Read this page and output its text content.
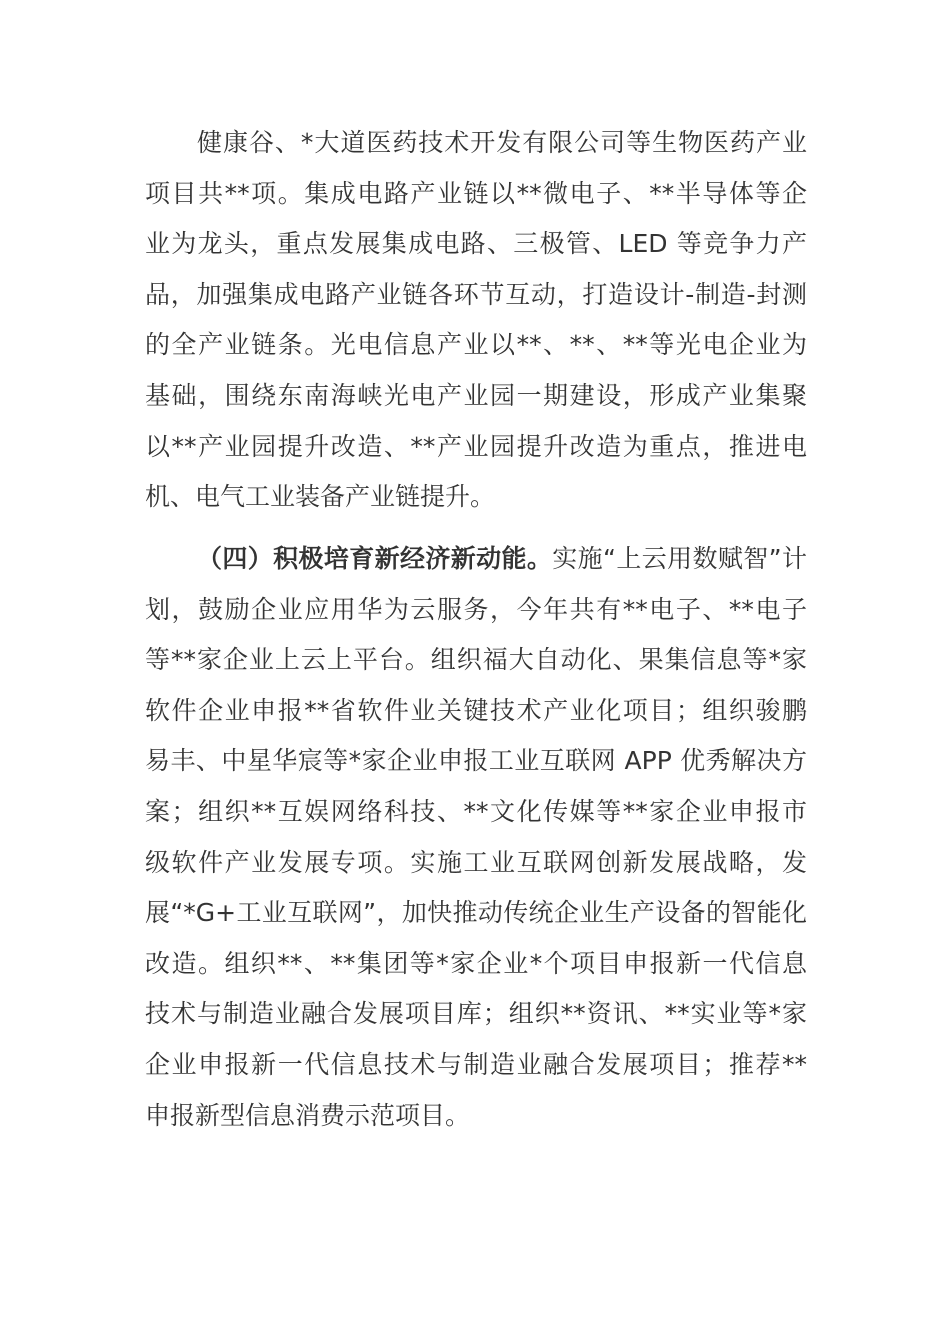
健康谷、*大道医药技术开发有限公司等生物医药产业
项目共**项。集成电路产业链以**微电子、**半导体等企
业为龙头，重点发展集成电路、三极管、LED 等竞争力产
品，加强集成电路产业链各环节互动，打造设计-制造-封测
的全产业链条。光电信息产业以**、**、**等光电企业为
基础，围绕东南海峡光电产业园一期建设，形成产业集聚
以**产业园提升改造、**产业园提升改造为重点，推进电
机、电气工业装备产业链提升。
（四）积极培育新经济新动能。实施“上云用数赋智”计
划，鼓励企业应用华为云服务，今年共有**电子、**电子
等**家企业上云上平台。组织福大自动化、果集信息等*家
软件企业申报**省软件业关键技术产业化项目；组织骏鹏
易丰、中星华宸等*家企业申报工业互联网 APP 优秀解决方
案；组织**互娱网络科技、**文化传媒等**家企业申报市
级软件产业发展专项。实施工业互联网创新发展战略，发
展“*G+工业互联网”，加快推动传统企业生产设备的智能化
改造。组织**、**集团等*家企业*个项目申报新一代信息
技术与制造业融合发展项目库；组织**资讯、**实业等*家
企业申报新一代信息技术与制造业融合发展项目；推荐**
申报新型信息消费示范项目。
